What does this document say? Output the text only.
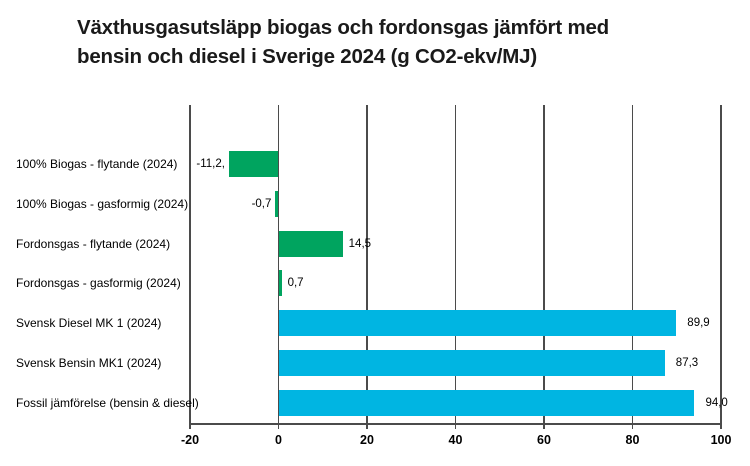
Växthusgasutsläpp biogas och fordonsgas jämfört med
bensin och diesel i Sverige 2024 (g CO2-ekv/MJ)
-11,2,
100% Biogas - flytande (2024)
-0,7
100% Biogas - gasformig (2024)
14,5
Fordonsgas - flytande (2024)
0,7
Fordonsgas - gasformig (2024)
89,9
Svensk Diesel MK 1 (2024)
87,3
Svensk Bensin MK1 (2024)
94,0
Fossil jämförelse (bensin & diesel)
-20	0	20	40	60	80	100
